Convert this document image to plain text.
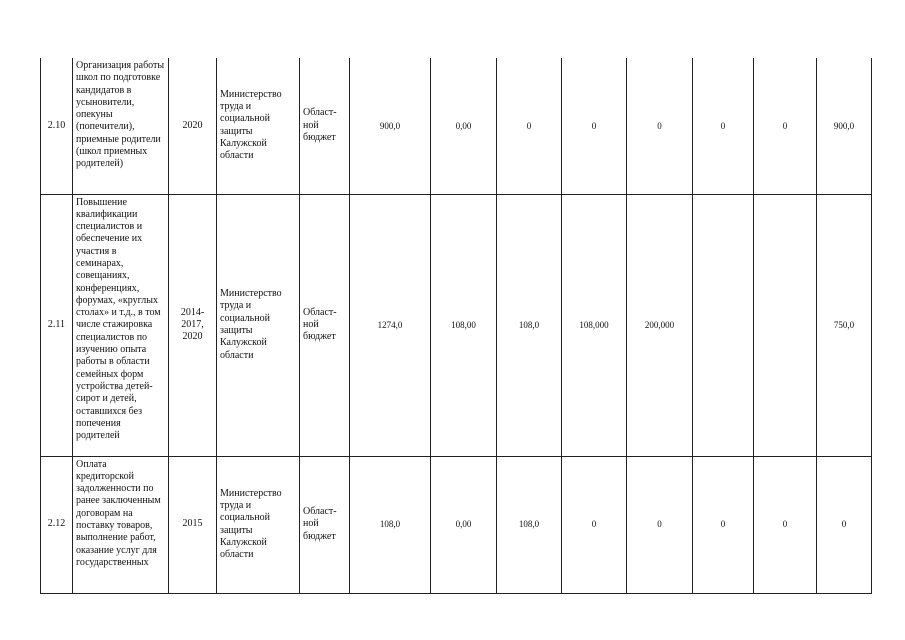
2.10	Организация работы школ по подготовке кандидатов в усыновители, опекуны (попечители), приемные родители (школ приемных родителей)	2020	Министерство труда и социальной защиты Калужской области	Област- ной бюджет	900,0	0,00	0	0	0	0	0	900,0
2.11	Повышение квалификации специалистов и обеспечение их участия в семинарах, совещаниях, конференциях, форумах, «круглых столах» и т.д., в том числе стажировка специалистов по изучению опыта работы в области семейных форм устройства детей-сирот и детей, оставшихся без попечения родителей	2014- 2017, 2020	Министерство труда и социальной защиты Калужской области	Област- ной бюджет	1274,0	108,00	108,0	108,000	200,000			750,0
2.12	Оплата кредиторской задолженности по ранее заключенным договорам на поставку товаров, выполнение работ, оказание услуг для государственных	2015	Министерство труда и социальной защиты Калужской области	Област- ной бюджет	108,0	0,00	108,0	0	0	0	0	0
